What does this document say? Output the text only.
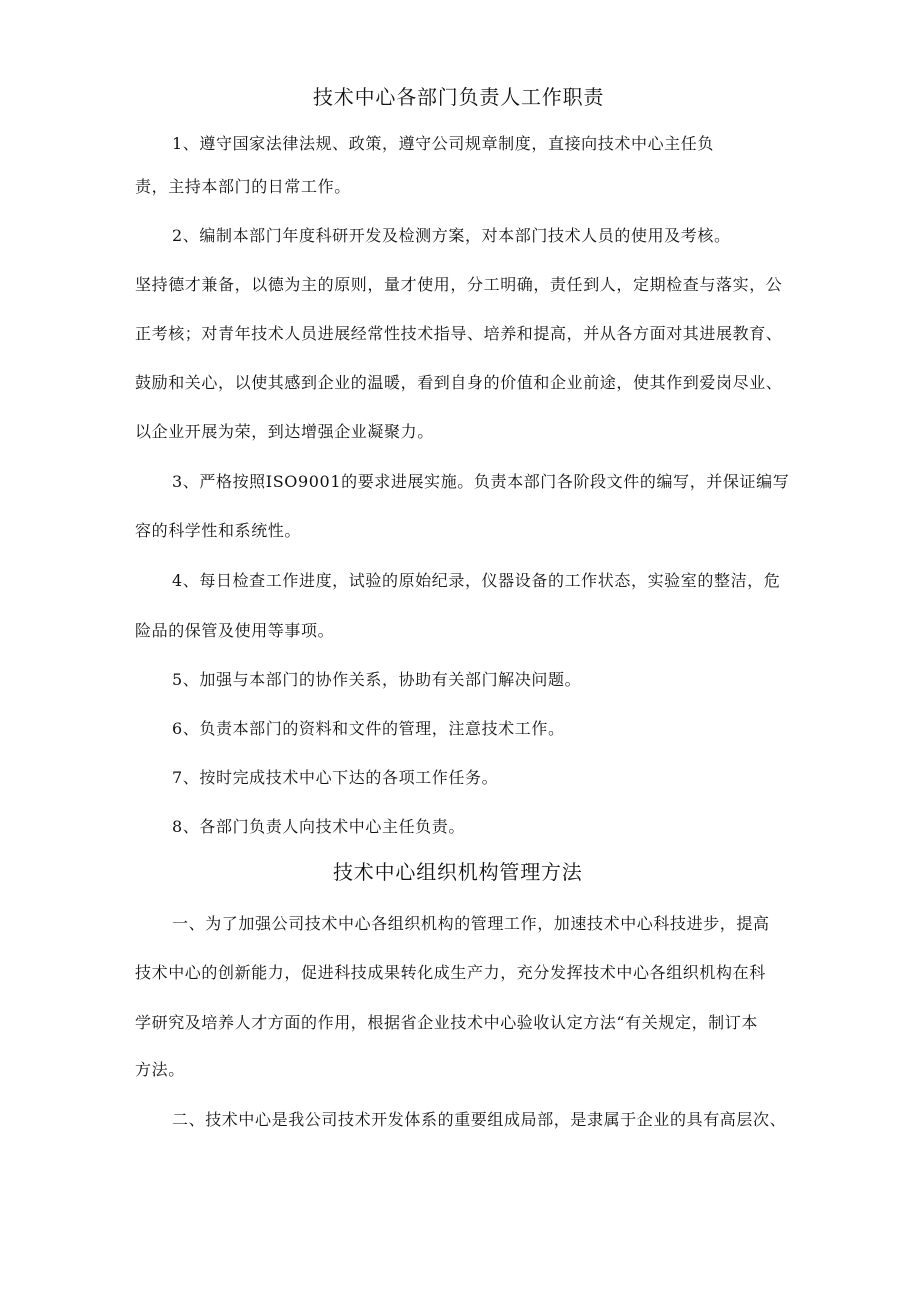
技术中心各部门负责人工作职责

1、遵守国家法律法规、政策，遵守公司规章制度，直接向技术中心主任负

责，主持本部门的日常工作。

2、编制本部门年度科研开发及检测方案，对本部门技术人员的使用及考核。

坚持德才兼备，以德为主的原则，量才使用，分工明确，责任到人，定期检查与落实，公

正考核；对青年技术人员进展经常性技术指导、培养和提高，并从各方面对其进展教育、

鼓励和关心，以使其感到企业的温暖，看到自身的价值和企业前途，使其作到爱岗尽业、

以企业开展为荣，到达增强企业凝聚力。

3、严格按照ISO9001的要求进展实施。负责本部门各阶段文件的编写，并保证编写

容的科学性和系统性。

4、每日检查工作进度，试验的原始纪录，仪器设备的工作状态，实验室的整洁，危

险品的保管及使用等事项。

5、加强与本部门的协作关系，协助有关部门解决问题。

6、负责本部门的资料和文件的管理，注意技术工作。

7、按时完成技术中心下达的各项工作任务。

8、各部门负责人向技术中心主任负责。

技术中心组织机构管理方法

一、为了加强公司技术中心各组织机构的管理工作，加速技术中心科技进步，提高

技术中心的创新能力，促进科技成果转化成生产力，充分发挥技术中心各组织机构在科

学研究及培养人才方面的作用，根据省企业技术中心验收认定方法“有关规定，制订本

方法。

二、技术中心是我公司技术开发体系的重要组成局部，是隶属于企业的具有高层次、
